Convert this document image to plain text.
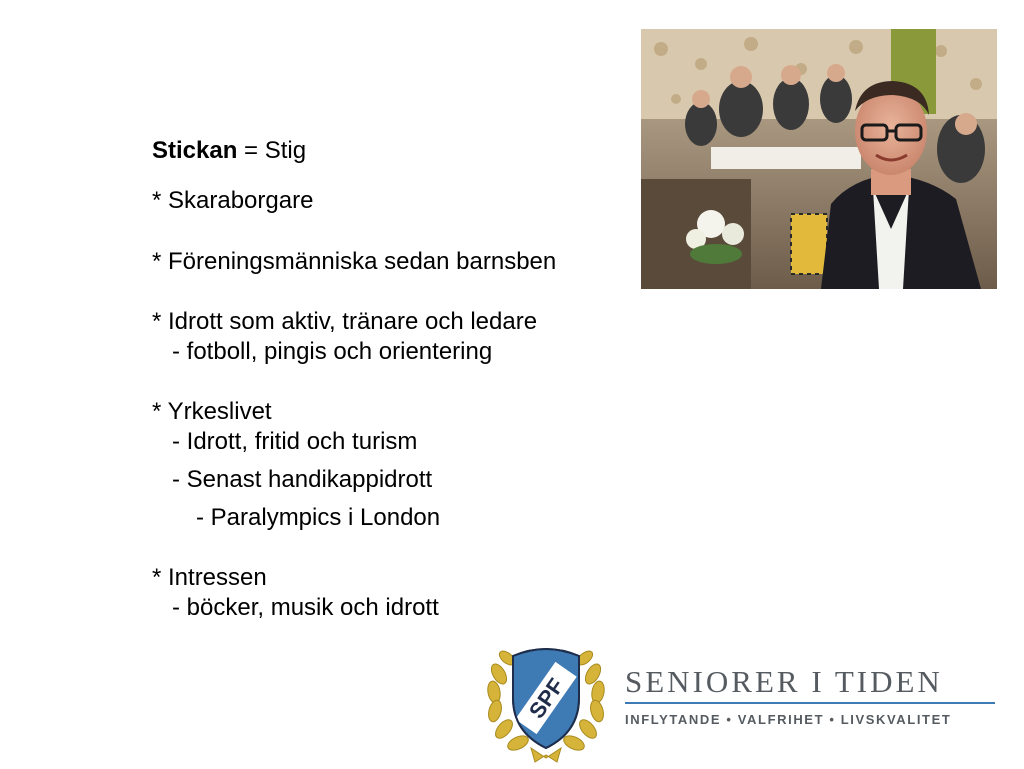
Stickan = Stig
* Skaraborgare
* Föreningsmänniska sedan barnsben
* Idrott som aktiv, tränare och ledare
- fotboll, pingis och orientering
* Yrkeslivet
- Idrott, fritid och turism
- Senast handikappidrott
- Paralympics i London
* Intressen
- böcker, musik och idrott
SPF SENIORER I TIDEN
INFLYTANDE • VALFRIHET • LIVSKVALITET
